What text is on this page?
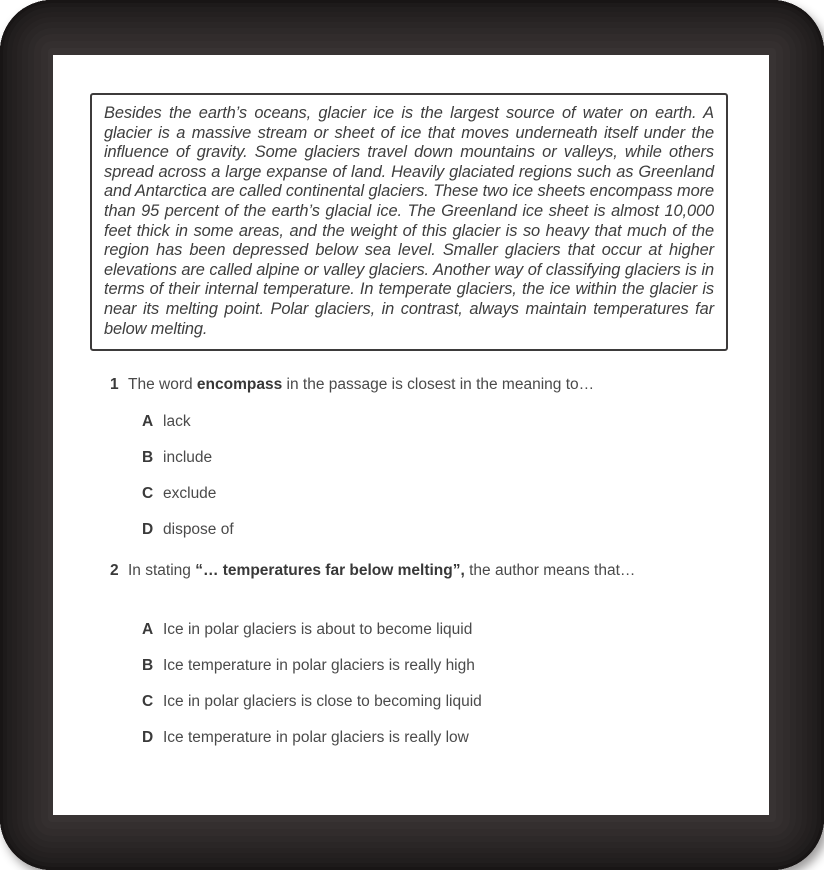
Besides the earth’s oceans, glacier ice is the largest source of water on earth. A glacier is a massive stream or sheet of ice that moves underneath itself under the influence of gravity. Some glaciers travel down mountains or valleys, while others spread across a large expanse of land. Heavily glaciated regions such as Greenland and Antarctica are called continental glaciers. These two ice sheets encompass more than 95 percent of the earth’s glacial ice. The Greenland ice sheet is almost 10,000 feet thick in some areas, and the weight of this glacier is so heavy that much of the region has been depressed below sea level. Smaller glaciers that occur at higher elevations are called alpine or valley glaciers. Another way of classifying glaciers is in terms of their internal temperature. In temperate glaciers, the ice within the glacier is near its melting point. Polar glaciers, in contrast, always maintain temperatures far below melting.

1 The word encompass in the passage is closest in the meaning to…
A lack
B include
C exclude
D dispose of
2 In stating “… temperatures far below melting”, the author means that…
A Ice in polar glaciers is about to become liquid
B Ice temperature in polar glaciers is really high
C Ice in polar glaciers is close to becoming liquid
D Ice temperature in polar glaciers is really low
